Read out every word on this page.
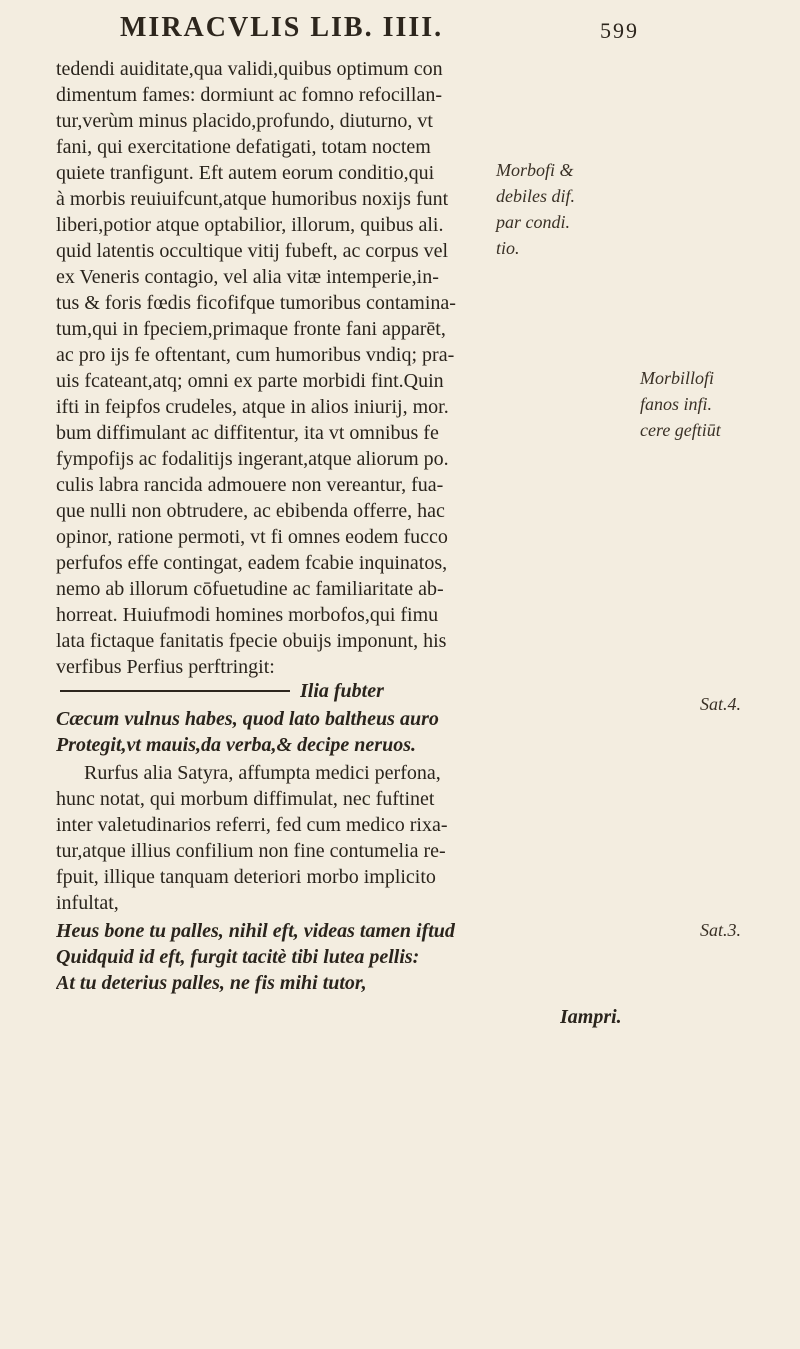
MIRACVLIS LIB. IIII.	599
tedendi auiditate,qua validi,quibus optimum con
dimentum fames: dormiunt ac fomno refocillan-
tur,verùm minus placido,profundo, diuturno, vt
fani, qui exercitatione defatigati, totam noctem
quiete tranfigunt. Eft autem eorum conditio,qui
à morbis reuiuifcunt,atque humoribus noxijs funt
liberi,potior atque optabilior, illorum, quibus ali.
quid latentis occultique vitij fubeft, ac corpus vel
ex Veneris contagio, vel alia vitæ intemperie,in-
tus & foris fœdis ficofifque tumoribus contamina-
tum,qui in fpeciem,primaque fronte fani apparēt,
ac pro ijs fe oftentant, cum humoribus vndiq; pra-
uis fcateant,atq; omni ex parte morbidi fint.Quin
ifti in feipfos crudeles, atque in alios iniurij, mor.
bum diffimulant ac diffitentur, ita vt omnibus fe
fympofijs ac fodalitijs ingerant,atque aliorum po.
culis labra rancida admouere non vereantur, fua-
que nulli non obtrudere, ac ebibenda offerre, hac
opinor, ratione permoti, vt fi omnes eodem fucco
perfufos effe contingat, eadem fcabie inquinatos,
nemo ab illorum cōfuetudine ac familiaritate ab-
horreat. Huiufmodi homines morbofos,qui fimu
lata fictaque fanitatis fpecie obuijs imponunt, his
verfibus Perfius perftringit:
Ilia fubter
Cæcum vulnus habes, quod lato baltheus auro
Protegit,vt mauis,da verba,& decipe neruos.
Rurfus alia Satyra, affumpta medici perfona,
hunc notat, qui morbum diffimulat, nec fuftinet
inter valetudinarios referri, fed cum medico rixa-
tur,atque illius confilium non fine contumelia re-
fpuit, illique tanquam deteriori morbo implicito
infultat,
Heus bone tu palles, nihil eft, videas tamen iftud
Quidquid id eft, furgit tacitè tibi lutea pellis:
At tu deterius palles, ne fis mihi tutor,
Iampri.
Morbofi &
debiles dif.
par condi.
tio.
Morbillofi
fanos infi.
cere geftiūt
Sat.4.
Sat.3.
